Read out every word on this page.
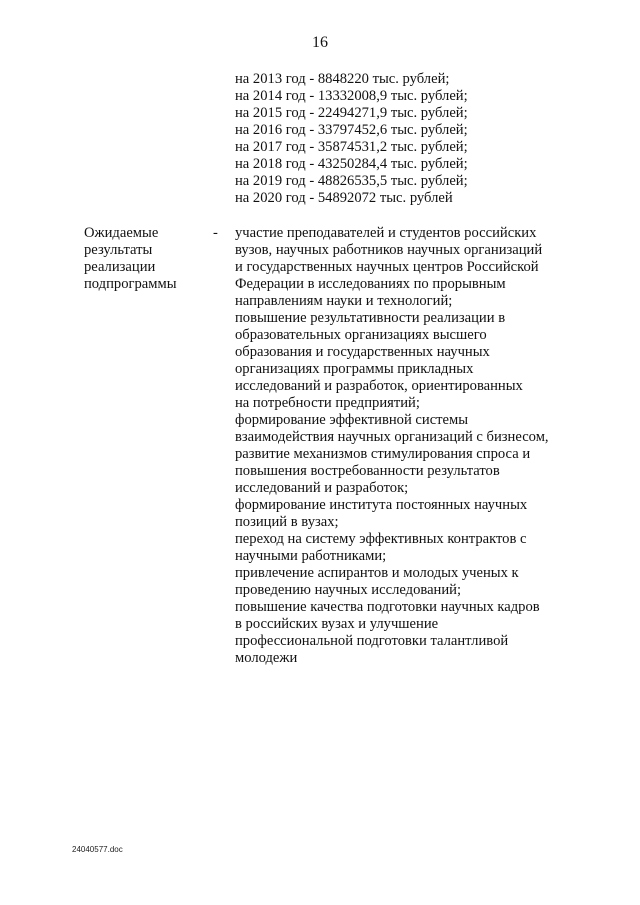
16
на 2013 год - 8848220 тыс. рублей;
на 2014 год - 13332008,9 тыс. рублей;
на 2015 год - 22494271,9 тыс. рублей;
на 2016 год - 33797452,6 тыс. рублей;
на 2017 год - 35874531,2 тыс. рублей;
на 2018 год - 43250284,4 тыс. рублей;
на 2019 год - 48826535,5 тыс. рублей;
на 2020 год - 54892072 тыс. рублей
Ожидаемые
результаты
реализации
подпрограммы
- участие преподавателей и студентов российских
вузов, научных работников научных организаций
и государственных научных центров Российской
Федерации в исследованиях по прорывным
направлениям науки и технологий;
повышение результативности реализации в
образовательных организациях высшего
образования и государственных научных
организациях программы прикладных
исследований и разработок, ориентированных
на потребности предприятий;
формирование эффективной системы
взаимодействия научных организаций с бизнесом,
развитие механизмов стимулирования спроса и
повышения востребованности результатов
исследований и разработок;
формирование института постоянных научных
позиций в вузах;
переход на систему эффективных контрактов с
научными работниками;
привлечение аспирантов и молодых ученых к
проведению научных исследований;
повышение качества подготовки научных кадров
в российских вузах и улучшение
профессиональной подготовки талантливой
молодежи
24040577.doc
